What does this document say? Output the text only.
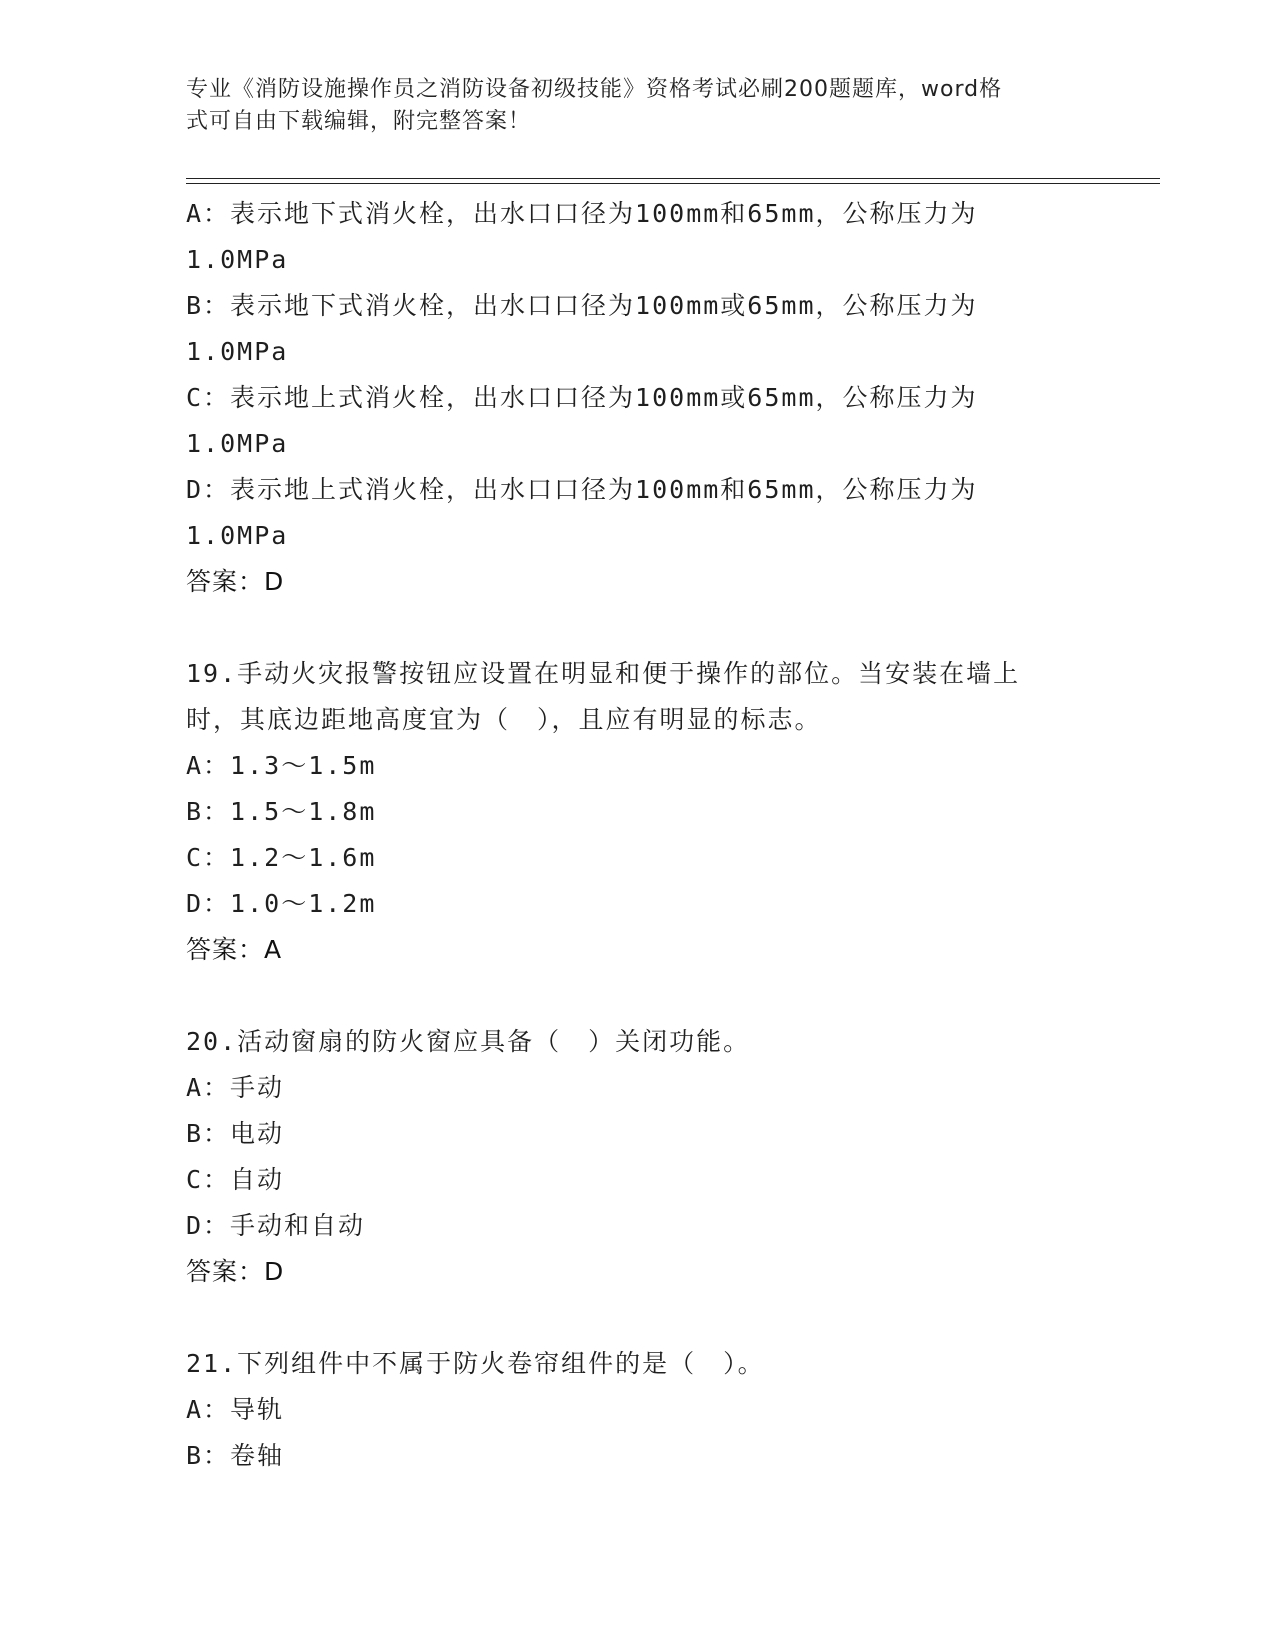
专业《消防设施操作员之消防设备初级技能》资格考试必刷200题题库，word格
式可自由下载编辑，附完整答案！
A：表示地下式消火栓，出水口口径为100mm和65mm，公称压力为
1.0MPa
B：表示地下式消火栓，出水口口径为100mm或65mm，公称压力为
1.0MPa
C：表示地上式消火栓，出水口口径为100mm或65mm，公称压力为
1.0MPa
D：表示地上式消火栓，出水口口径为100mm和65mm，公称压力为
1.0MPa
答案：D
19.手动火灾报警按钮应设置在明显和便于操作的部位。当安装在墙上
时，其底边距地高度宜为（　），且应有明显的标志。
A：1.3～1.5m
B：1.5～1.8m
C：1.2～1.6m
D：1.0～1.2m
答案：A
20.活动窗扇的防火窗应具备（　）关闭功能。
A：手动
B：电动
C：自动
D：手动和自动
答案：D
21.下列组件中不属于防火卷帘组件的是（　）。
A：导轨
B：卷轴
